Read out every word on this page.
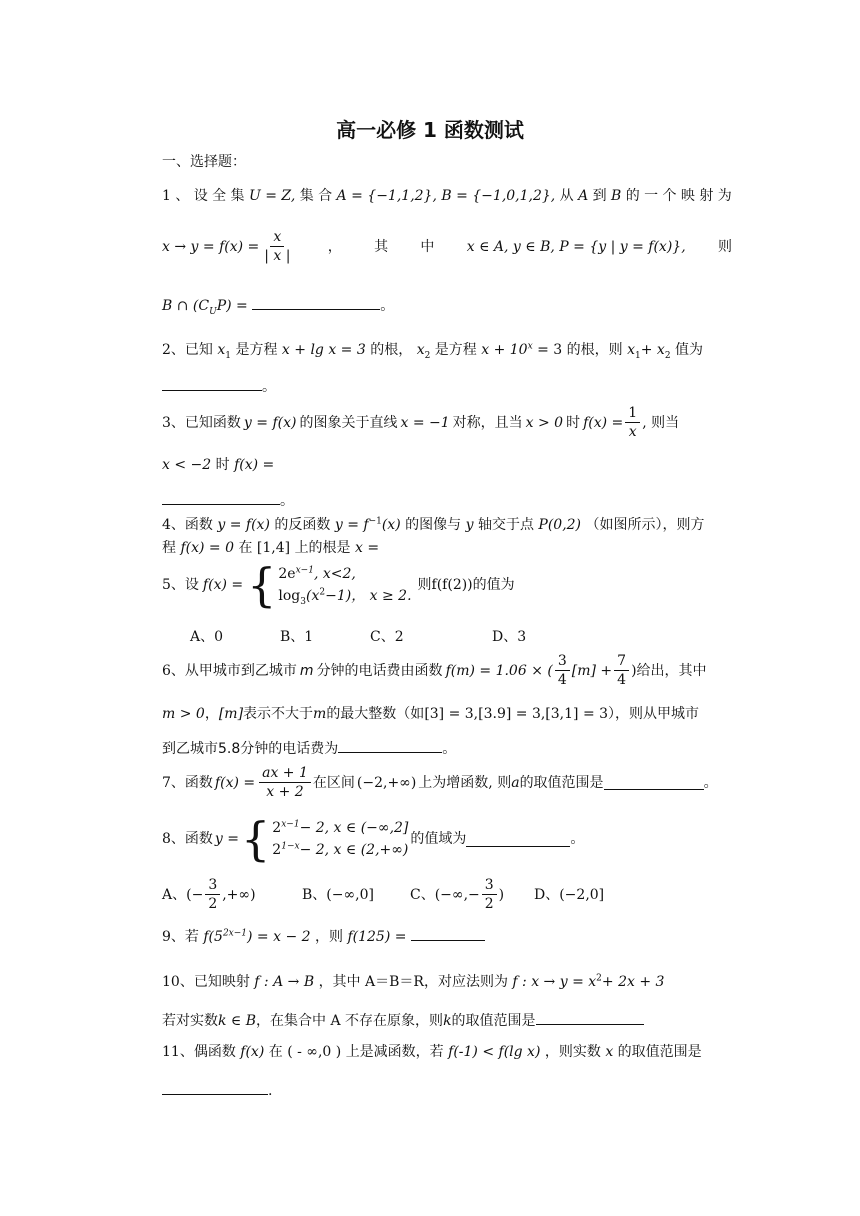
高一必修 1 函数测试
一、选择题：
1 、 设 全 集 U = Z, 集 合 A = {−1,1,2}, B = {−1,0,1,2}, 从 A 到 B 的 一 个 映 射 为
$x \to y = f(x) = \frac{x}{| x |}$ ， 其 中 x ∈ A, y ∈ B, P = {y | y = f(x)}, 则
B ∩ $(C_UP)$ =	。
2、已知 $x_1$ 是方程 x + lg x = 3 的根， $x_2$ 是方程 $x + 10^x = 3$ 的根，则 $x_1+ x_2$ 值为
。
3、已知函数 y = f(x) 的图象关于直线 x = −1 对称，且当 x > 0 时 $f(x) = \frac{1}{x}$ , 则当
x < −2 时 f(x) =
。
4、函数 y = f(x) 的反函数 $y = f^{-1}(x)$ 的图像与 y 轴交于点 P(0,2) （如图所示），则方
程 f(x) = 0 在 [1,4] 上的根是 x =
5、设 f(x) = { $2e^{x-1}$, x<2,
$\log_3(x^2-1)$， x ≥ 2.
则f(f(2))的值为
A、0	B、1	C、2	D、3
6、从甲城市到乙城市 m 分钟的电话费由函数 f(m) = 1.06 × ( $\frac{3}{4} [m] + \frac{7}{4}$ ) 给出，其中
m > 0，[m]表示不大于m的最大整数（如[3] = 3,[3.9] = 3,[3,1] = 3），则从甲城市
到乙城市5.8分钟的电话费为	。
7、函数 $f(x) = \frac{ax + 1}{x + 2}$ 在区间 (−2,+∞) 上为增函数, 则 a 的取值范围是	。
8、函数 y = { $2^{x-1}- 2$, x ∈ (−∞,2]
$2^{1-x}- 2$, x ∈ (2,+∞)
的值域为	。
A、(− $\frac{3}{2}$ ,+∞)	B、(−∞,0]	C、(−∞,− $\frac{3}{2}$ ) D、(−2,0]
9、若 $f(5^{2x-1}) = x - 2$ ，则 f(125) =
10、已知映射 f : A → B ，其中 A＝B＝R，对应法则为 f : $x \to y = x^2+ 2x + 3$
若对实数k ∈ B，在集合中 A 不存在原象，则k的取值范围是
11、偶函数 f(x) 在 ( - ∞,0 ) 上是减函数，若 f(-1) < f(lg x) ，则实数 x 的取值范围是
.
